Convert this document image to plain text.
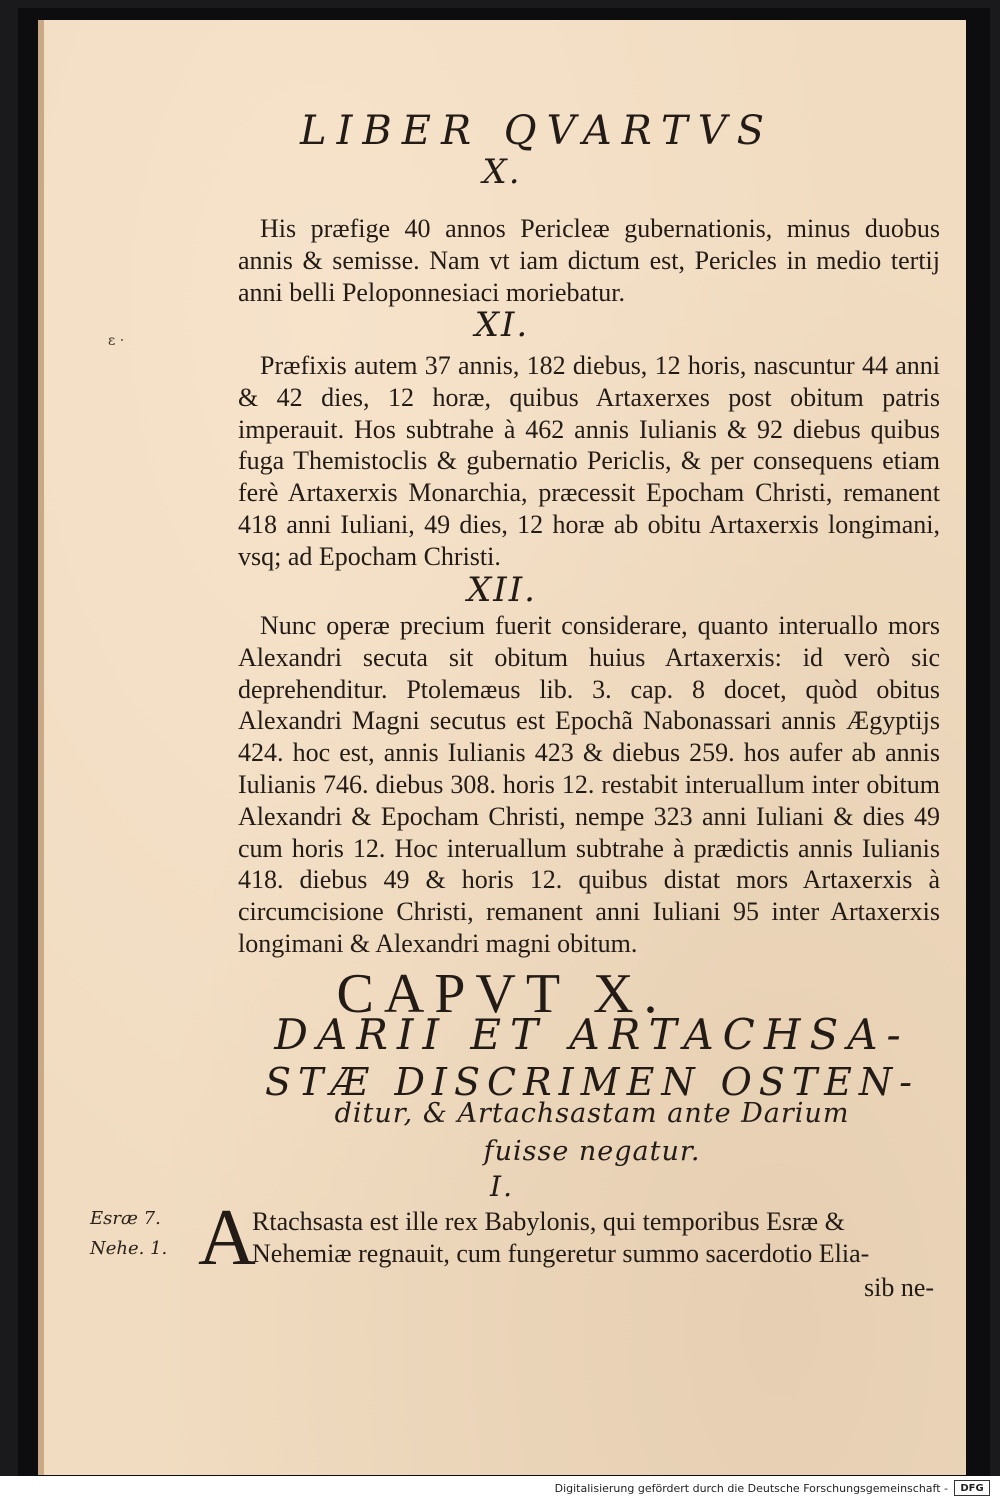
LIBER QVARTVS
X.

His præfige 40 annos Pericleæ gubernationis, minus duobus annis & semisse. Nam vt iam dictum est, Pericles in medio tertij anni belli Peloponnesiaci moriebatur.

XI.
ɛ ‧

Præfixis autem 37 annis, 182 diebus, 12 horis, nascuntur 44 anni & 42 dies, 12 horæ, quibus Artaxerxes post obitum patris imperauit. Hos subtrahe à 462 annis Iulianis & 92 diebus quibus fuga Themistoclis & gubernatio Periclis, & per consequens etiam ferè Artaxerxis Monarchia, præcessit Epocham Christi, remanent 418 anni Iuliani, 49 dies, 12 horæ ab obitu Artaxerxis longimani, vsq; ad Epocham Christi.

XII.

Nunc operæ precium fuerit considerare, quanto interuallo mors Alexandri secuta sit obitum huius Artaxerxis: id verò sic deprehenditur. Ptolemæus lib. 3. cap. 8 docet, quòd obitus Alexandri Magni secutus est Epochã Nabonassari annis Ægyptijs 424. hoc est, annis Iulianis 423 & diebus 259. hos aufer ab annis Iulianis 746. diebus 308. horis 12. restabit interuallum inter obitum Alexandri & Epocham Christi, nempe 323 anni Iuliani & dies 49 cum horis 12. Hoc interuallum subtrahe à prædictis annis Iulianis 418. diebus 49 & horis 12. quibus distat mors Artaxerxis à circumcisione Christi, remanent anni Iuliani 95 inter Artaxerxis longimani & Alexandri magni obitum.

CAPVT X.
DARII ET ARTACHSA-
STÆ DISCRIMEN OSTEN-
ditur, & Artachsastam ante Darium
fuisse negatur.
I.
Esræ 7.
Nehe. 1. A

Rtachsasta est ille rex Babylonis, qui temporibus Esræ &

Nehemiæ regnauit, cum fungeretur summo sacerdotio Elia-

sib ne-
Digitalisierung gefördert durch die Deutsche Forschungsgemeinschaft -	DFG
